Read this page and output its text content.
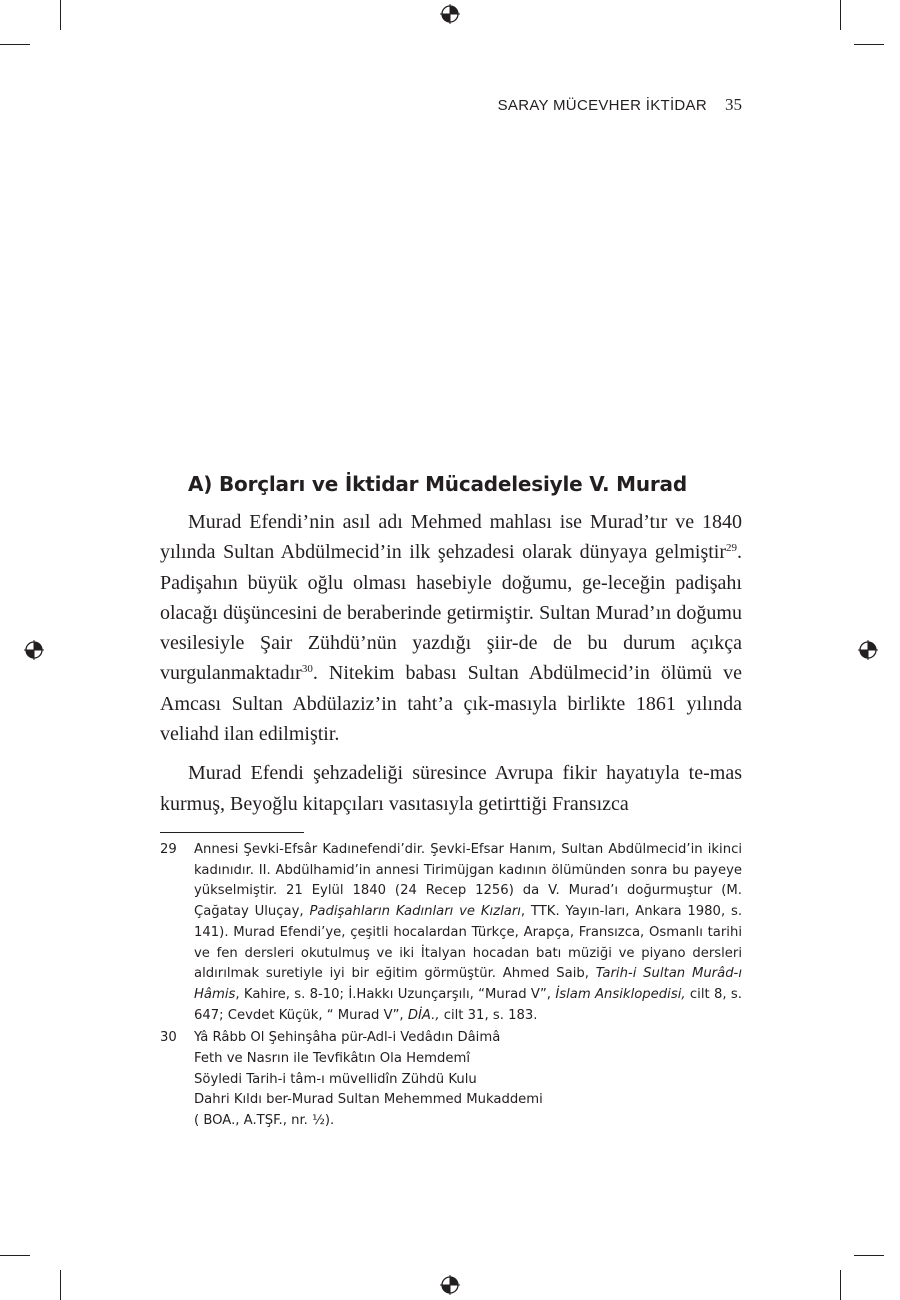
SARAY MÜCEVHER İKTİDAR 35
A) Borçları ve İktidar Mücadelesiyle V. Murad

Murad Efendi’nin asıl adı Mehmed mahlası ise Murad’tır ve 1840 yılında Sultan Abdülmecid’in ilk şehzadesi olarak dünyaya gelmiştir$^{29}$. Padişahın büyük oğlu olması hasebiyle doğumu, ge-leceğin padişahı olacağı düşüncesini de beraberinde getirmiştir. Sultan Murad’ın doğumu vesilesiyle Şair Zühdü’nün yazdığı şiir-de de bu durum açıkça vurgulanmaktadır$^{30}$. Nitekim babası Sultan Abdülmecid’in ölümü ve Amcası Sultan Abdülaziz’in taht’a çık-masıyla birlikte 1861 yılında veliahd ilan edilmiştir.

Murad Efendi şehzadeliği süresince Avrupa fikir hayatıyla te-mas kurmuş, Beyoğlu kitapçıları vasıtasıyla getirttiği Fransızca

29	Annesi Şevki-Efsâr Kadınefendi’dir. Şevki-Efsar Hanım, Sultan Abdülmecid’in ikinci kadınıdır. II. Abdülhamid’in annesi Tirimüjgan kadının ölümünden sonra bu payeye yükselmiştir. 21 Eylül 1840 (24 Recep 1256) da V. Murad’ı doğurmuştur (M. Çağatay Uluçay, Padişahların Kadınları ve Kızları, TTK. Yayın-ları, Ankara 1980, s. 141). Murad Efendi’ye, çeşitli hocalardan Türkçe, Arapça, Fransızca, Osmanlı tarihi ve fen dersleri okutulmuş ve iki İtalyan hocadan batı müziği ve piyano dersleri aldırılmak suretiyle iyi bir eğitim görmüştür. Ahmed Saib, Tarih-i Sultan Murâd-ı Hâmis, Kahire, s. 8-10; İ.Hakkı Uzunçarşılı, “Murad V”, İslam Ansiklopedisi, cilt 8, s. 647; Cevdet Küçük, “ Murad V”, DİA., cilt 31, s. 183.
30	Yâ Râbb Ol Şehinşâha pür-Adl-i Vedâdın Dâimâ
Feth ve Nasrın ile Tevfikâtın Ola Hemdemî
Söyledi Tarih-i tâm-ı müvellidîn Zühdü Kulu
Dahri Kıldı ber-Murad Sultan Mehemmed Mukaddemi
( BOA., A.TŞF., nr. ½).
